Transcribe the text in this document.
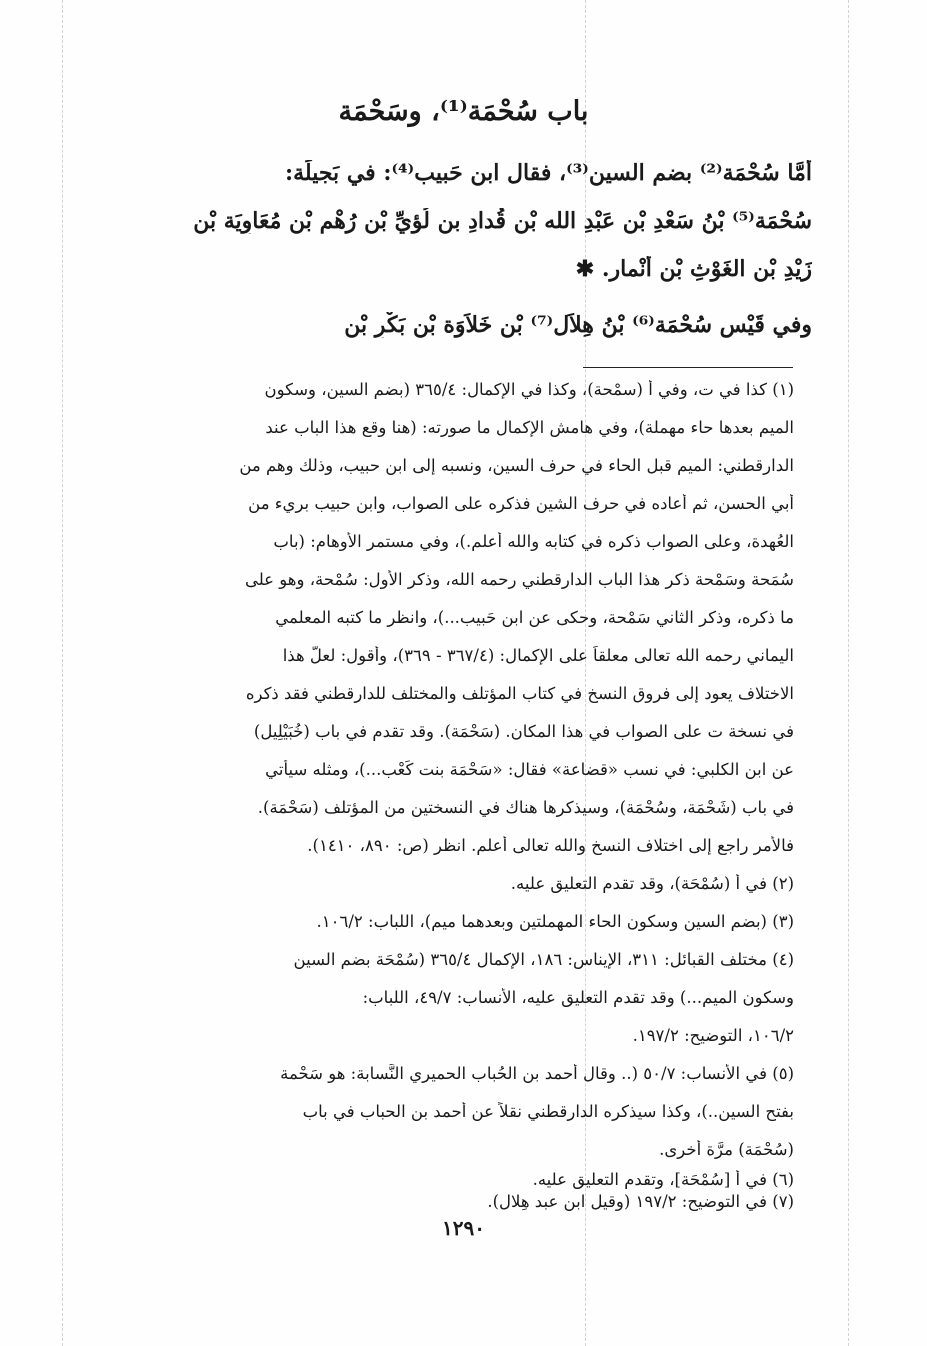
باب سُحْمَة⁽¹⁾، وسَحْمَة
أمَّا سُحْمَة⁽²⁾ بضم السين⁽³⁾، فقال ابن حَبيب⁽⁴⁾: في بَجيلَة:
سُحْمَة⁽⁵⁾ بْنُ سَعْدِ بْنِ عَبْدِ الله بْنِ قُدادِ بن لُؤيِّ بْنِ رُهْمِ بْنِ مُعَاوِيَة بْنِ
زَيْدِ بْنِ الغَوْثِ بْنِ أنْمار. ✱
وفي قَيْس سُحْمَة⁽⁶⁾ بْنُ هِلاَل⁽⁷⁾ بْنِ خَلاَوَة بْنِ بَكْرِ بْنِ
(١) كذا في ت، وفي أ (سمْحة)، وكذا في الإكمال: ٣٦٥/٤ (بضم السين، وسكون
الميم بعدها حاء مهملة)، وفي هامش الإكمال ما صورته: (هنا وقع هذا الباب عند
الدارقطني: الميم قبل الحاء في حرف السين، ونسبه إلى ابن حبيب، وذلك وهم من
أبي الحسن، ثم أعاده في حرف الشين فذكره على الصواب، وابن حبيب بريء من
العُهدة، وعلى الصواب ذكره في كتابه والله أعلم.)، وفي مستمر الأوهام: (باب
سُمَحة وسَمْحة ذكر هذا الباب الدارقطني رحمه الله، وذكر الأول: سُمْحة، وهو على
ما ذكره، وذكر الثاني سَمْحة، وحكى عن ابن حَبيب...)، وانظر ما كتبه المعلمي
اليماني رحمه الله تعالى معلقاً على الإكمال: (٣٦٧/٤ - ٣٦٩)، وأقول: لعلَّ هذا
الاختلاف يعود إلى فروق النسخ في كتاب المؤتلف والمختلف للدارقطني فقد ذكره
في نسخة ت على الصواب في هذا المكان. (سَحْمَة). وقد تقدم في باب (خُبَيْلِيل)
عن ابن الكلبي: في نسب «قضاعة» فقال: «سَحْمَة بنت كَعْب...)، ومثله سيأتي
في باب (شَحْمَة، وسُحْمَة)، وسيذكرها هناك في النسختين من المؤتلف (سَحْمَة).
فالأمر راجع إلى اختلاف النسخ والله تعالى أعلم. انظر (ص: ٨٩٠، ١٤١٠).
(٢) في أ (سُمْحَة)، وقد تقدم التعليق عليه.
(٣) (بضم السين وسكون الحاء المهملتين وبعدهما ميم)، اللباب: ١٠٦/٢.
(٤) مختلف القبائل: ٣١١، الإيناس: ١٨٦، الإكمال ٣٦٥/٤ (سُمْحَة بضم السين
وسكون الميم...) وقد تقدم التعليق عليه، الأنساب: ٤٩/٧، اللباب:
١٠٦/٢، التوضيح: ١٩٧/٢.
(٥) في الأنساب: ٥٠/٧ (.. وقال أحمد بن الحُباب الحميري النَّسابة: هو سَحْمة
بفتح السين..)، وكذا سيذكره الدارقطني نقلاً عن أحمد بن الحباب في باب
(سُحْمَة) مرَّة أخرى.
(٦) في أ [سُمْحَة]، وتقدم التعليق عليه.
(٧) في التوضيح: ١٩٧/٢ (وقيل ابن عبد هِلال).
١٢٩٠
